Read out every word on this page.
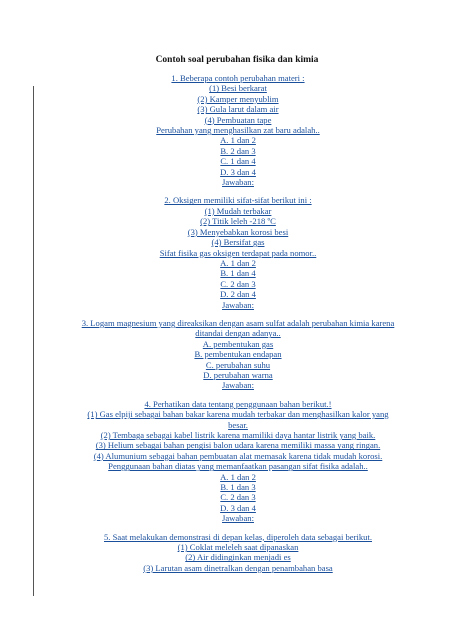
Contoh soal perubahan fisika dan kimia
1. Beberapa contoh perubahan materi :
(1) Besi berkarat
(2) Kamper menyublim
(3) Gula larut dalam air
(4) Pembuatan tape
Perubahan yang menghasilkan zat baru adalah..
A. 1 dan 2
B. 2 dan 3
C. 1 dan 4
D. 3 dan 4
Jawaban:
2. Oksigen memiliki sifat-sifat berikut ini :
(1) Mudah terbakar
(2) Titik leleh -218 ºC
(3) Menyebabkan korosi besi
(4) Bersifat gas
Sifat fisika gas oksigen terdapat pada nomor..
A. 1 dan 2
B. 1 dan 4
C. 2 dan 3
D. 2 dan 4
Jawaban:
3. Logam magnesium yang direaksikan dengan asam sulfat adalah perubahan kimia karena
ditandai dengan adanya..
A. pembentukan gas
B. pembentukan endapan
C. perubahan suhu
D. perubahan warna
Jawaban:
4. Perhatikan data tentang penggunaan bahan berikut.!
(1) Gas elpiji sebagai bahan bakar karena mudah terbakar dan menghasilkan kalor yang
besar.
(2) Tembaga sebagai kabel listrik karena mamiliki daya hantar listrik yang baik.
(3) Helium sebagai bahan pengisi balon udara karena memiliki massa yang ringan.
(4) Alumunium sebagai bahan pembuatan alat memasak karena tidak mudah korosi.
Penggunaan bahan diatas yang memanfaatkan pasangan sifat fisika adalah..
A. 1 dan 2
B. 1 dan 3
C. 2 dan 3
D. 3 dan 4
Jawaban:
5. Saat melakukan demonstrasi di depan kelas, diperoleh data sebagai berikut.
(1) Coklat meleleh saat dipanaskan
(2) Air didinginkan menjadi es
(3) Larutan asam dinetralkan dengan penambahan basa
